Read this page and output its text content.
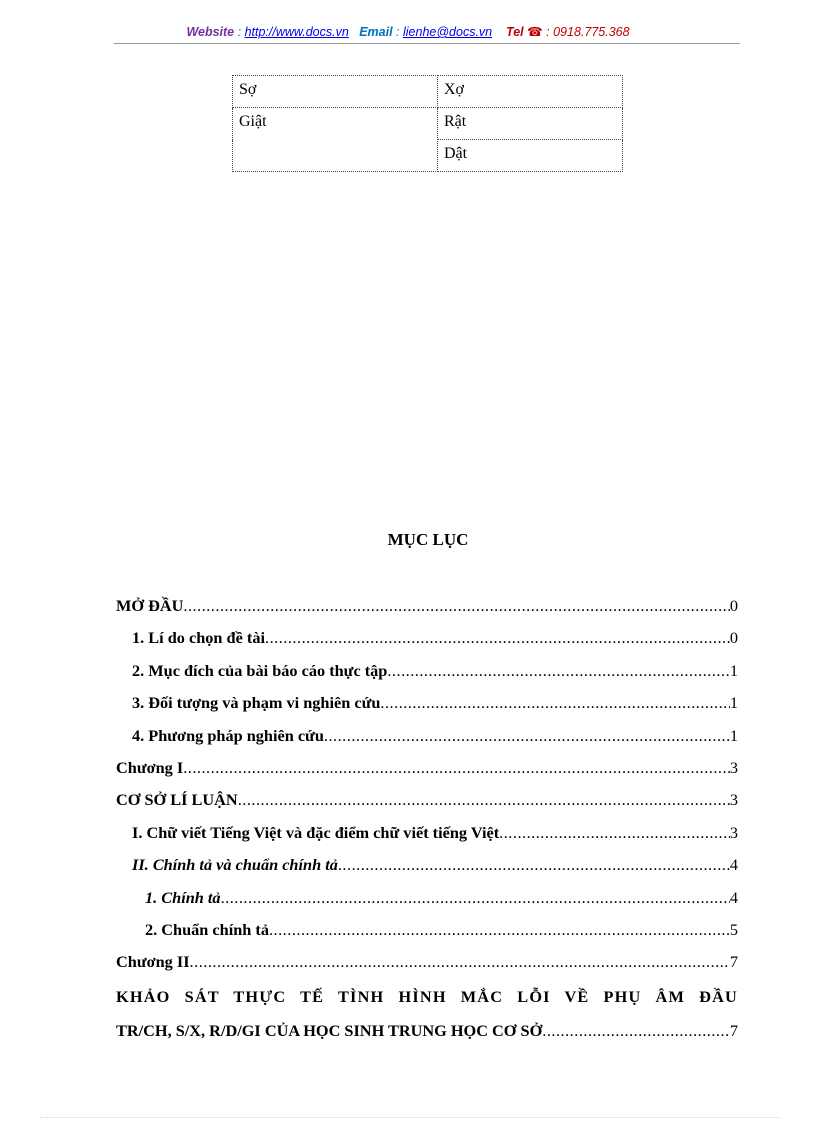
Website : http://www.docs.vn Email : lienhe@docs.vn Tel ☎ : 0918.775.368
Sợ	Xợ
Giật	Rật
	Dật
MỤC LỤC
MỞ ĐẦU .....	0
1. Lí do chọn đề tài .....	0
2. Mục đích của bài báo cáo thực tập .....	1
3. Đối tượng và phạm vi nghiên cứu .....	1
4. Phương pháp nghiên cứu .....	1
Chương I .....	3
CƠ SỞ LÍ LUẬN .....	3
I. Chữ viết Tiếng Việt và đặc điểm chữ viết tiếng Việt .....	3
II. Chính tả và chuẩn chính tả .....	4
1. Chính tả .....	4
2. Chuẩn chính tả .....	5
Chương II .....	7
KHẢO SÁT THỰC TẾ TÌNH HÌNH MẮC LỖI VỀ PHỤ ÂM ĐẦU
TR/CH, S/X, R/D/GI CỦA HỌC SINH TRUNG HỌC CƠ SỞ .....	7
